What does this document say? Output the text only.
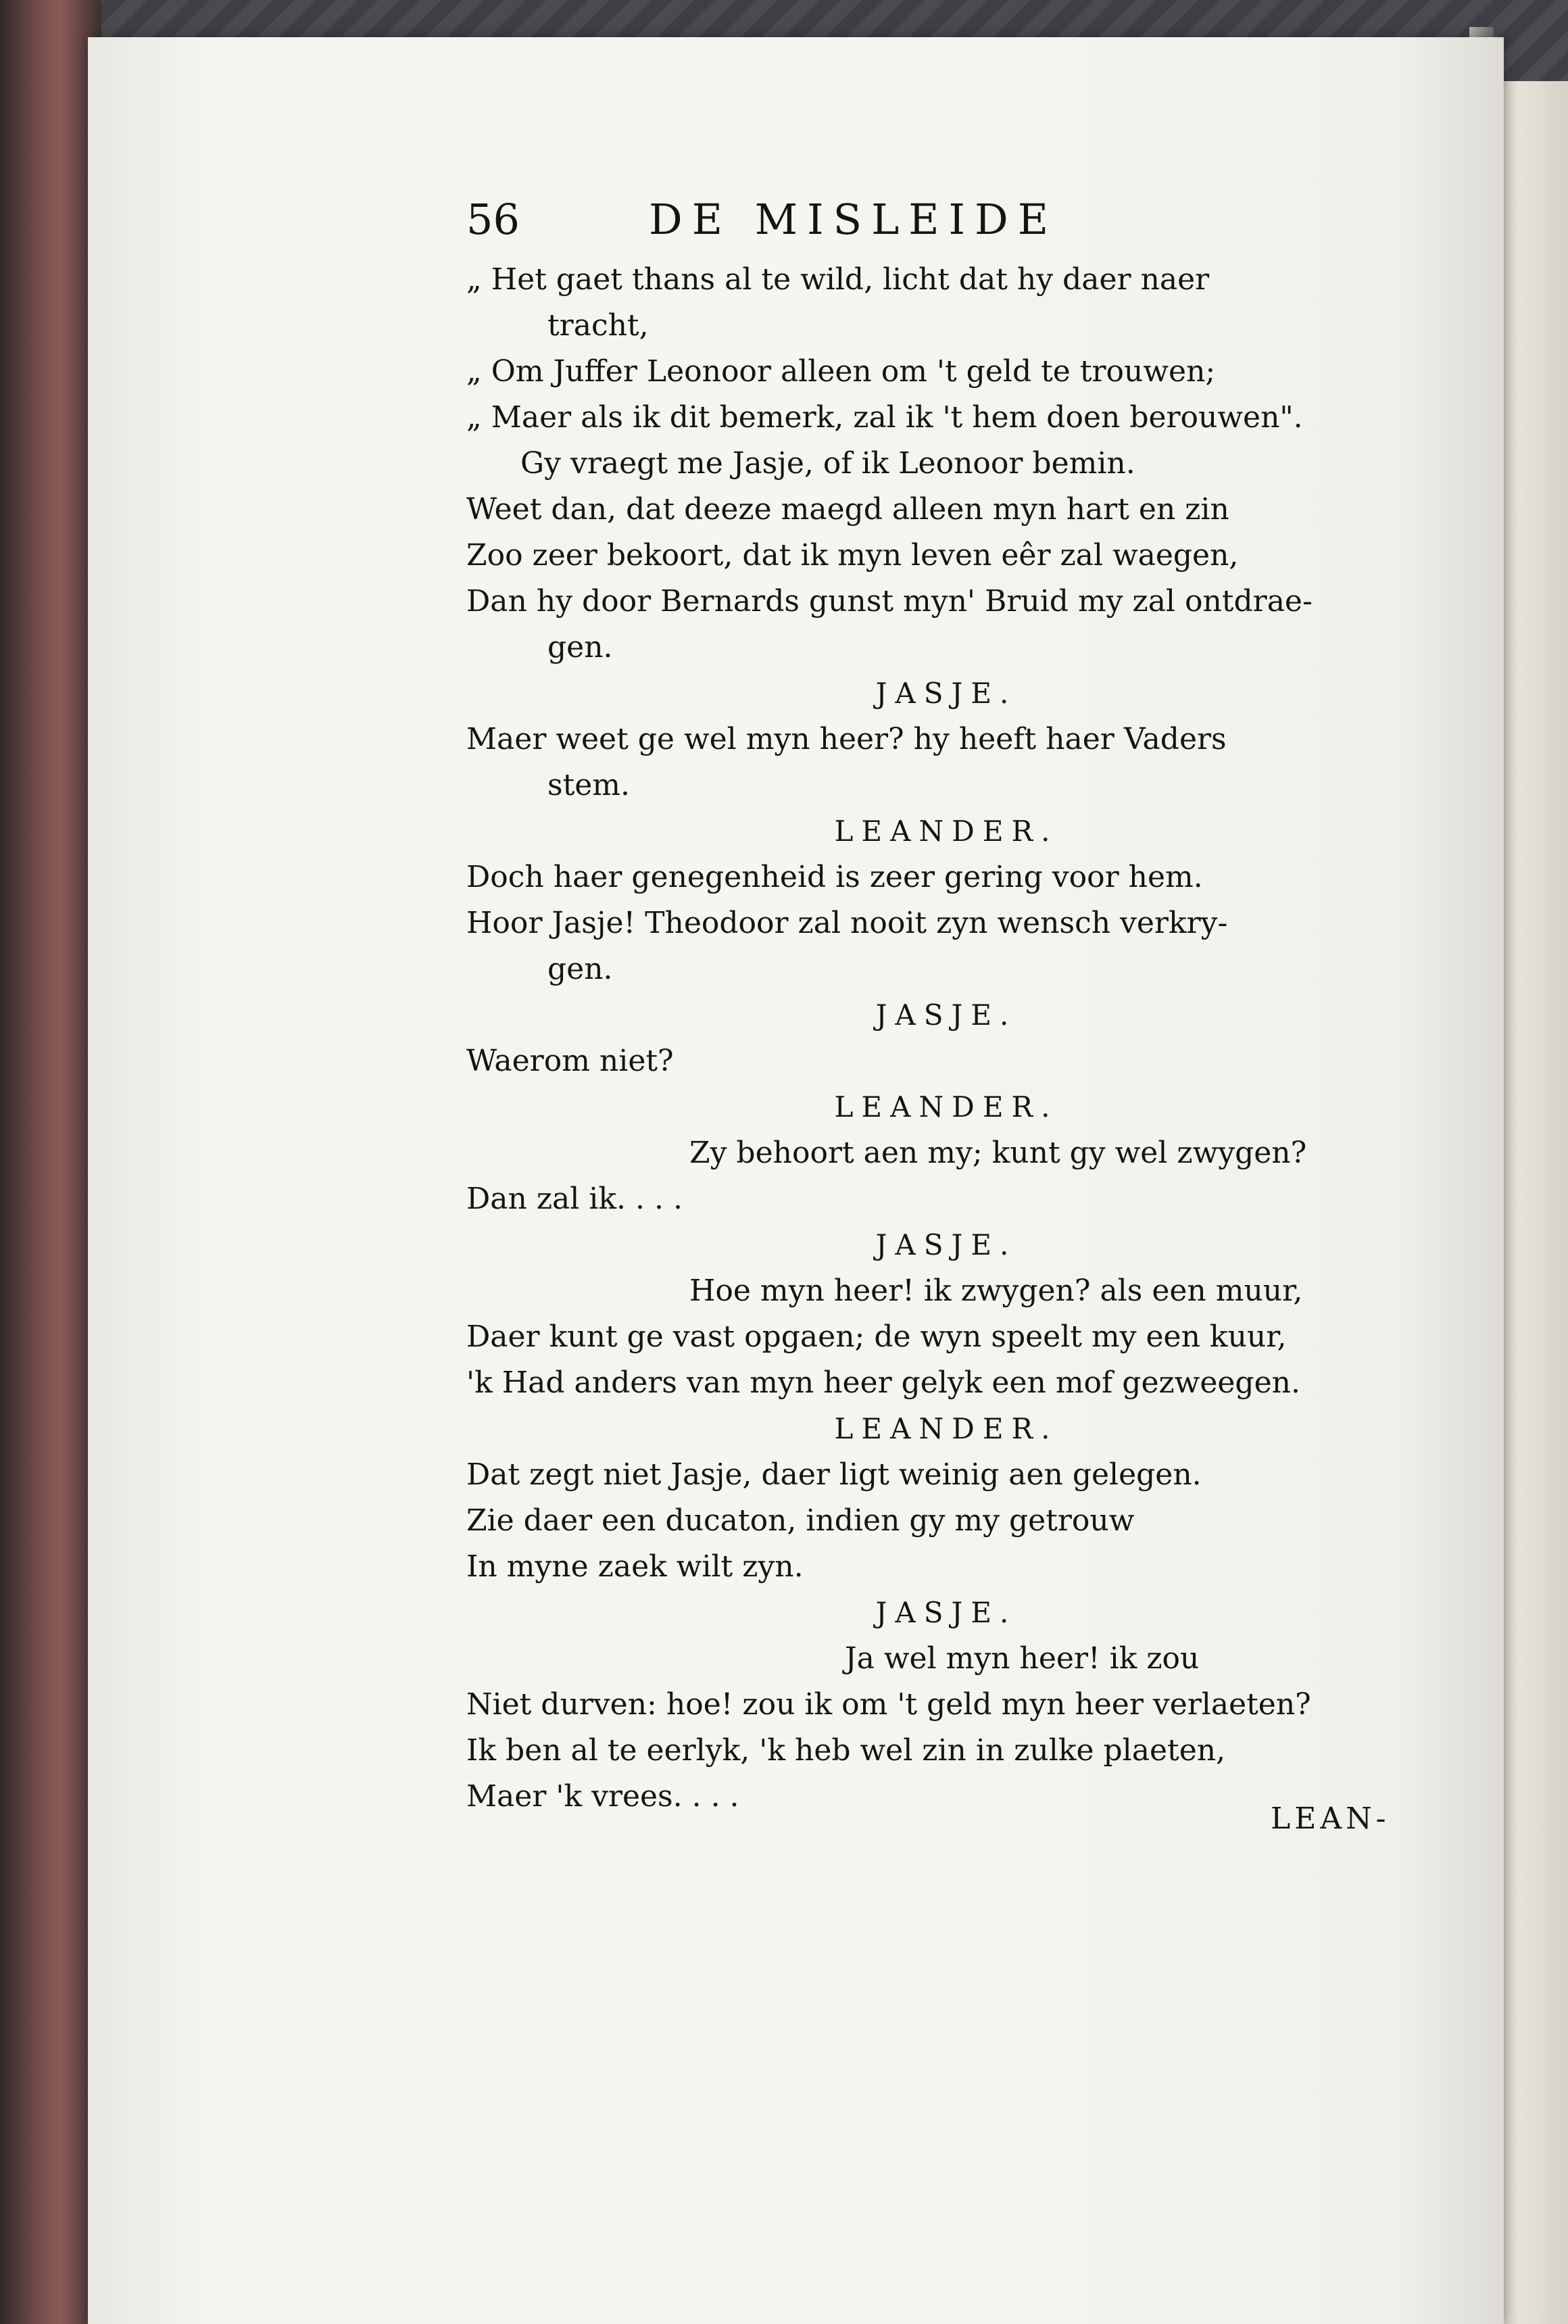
56	DE MISLEIDE
„ Het gaet thans al te wild, licht dat hy daer naer
tracht,
„ Om Juffer Leonoor alleen om 't geld te trouwen;
„ Maer als ik dit bemerk, zal ik 't hem doen berouwen".
Gy vraegt me Jasje, of ik Leonoor bemin.
Weet dan, dat deeze maegd alleen myn hart en zin
Zoo zeer bekoort, dat ik myn leven eêr zal waegen,
Dan hy door Bernards gunst myn' Bruid my zal ontdrae-
gen.
JASJE.
Maer weet ge wel myn heer? hy heeft haer Vaders
stem.
LEANDER.
Doch haer genegenheid is zeer gering voor hem.
Hoor Jasje! Theodoor zal nooit zyn wensch verkry-
gen.
JASJE.
Waerom niet?
LEANDER.
Zy behoort aen my; kunt gy wel zwygen?
Dan zal ik. . . .
JASJE.
Hoe myn heer! ik zwygen? als een muur,
Daer kunt ge vast opgaen; de wyn speelt my een kuur,
'k Had anders van myn heer gelyk een mof gezweegen.
LEANDER.
Dat zegt niet Jasje, daer ligt weinig aen gelegen.
Zie daer een ducaton, indien gy my getrouw
In myne zaek wilt zyn.
JASJE.
Ja wel myn heer! ik zou
Niet durven: hoe! zou ik om 't geld myn heer verlaeten?
Ik ben al te eerlyk, 'k heb wel zin in zulke plaeten,
Maer 'k vrees. . . .
LEAN-
